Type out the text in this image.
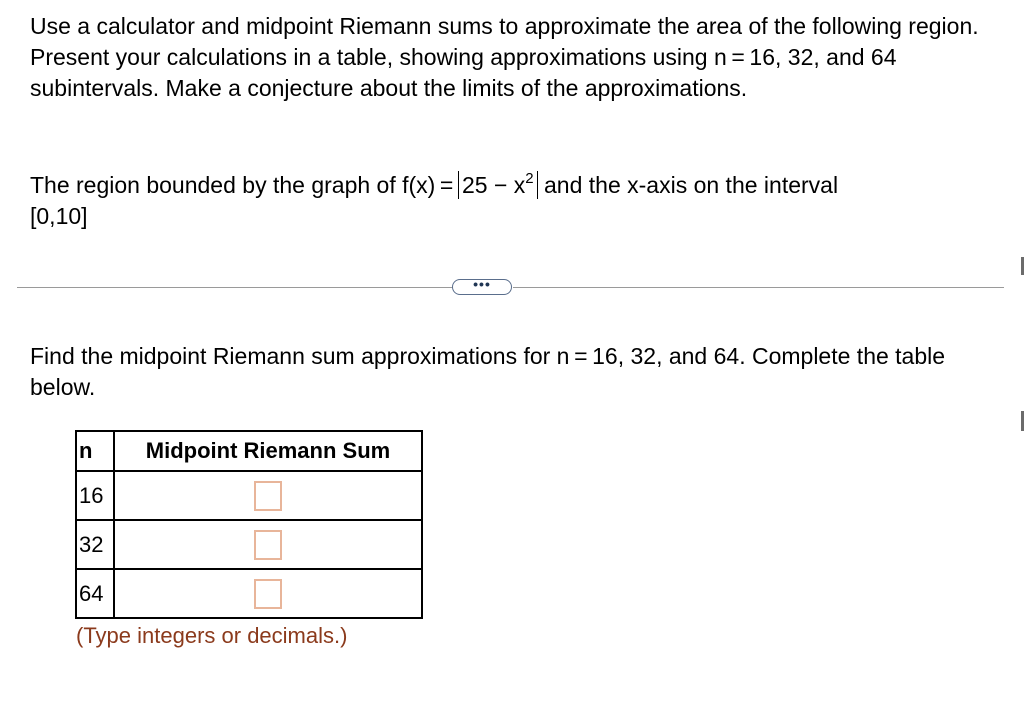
Use a calculator and midpoint Riemann sums to approximate the area of the following region. Present your calculations in a table, showing approximations using n = 16, 32, and 64 subintervals. Make a conjecture about the limits of the approximations.

The region bounded by the graph of $f(x) = 25 - x^2$ and the x-axis on the interval
[0,10]
•••

Find the midpoint Riemann sum approximations for n = 16, 32, and 64. Complete the table below.

n	Midpoint Riemann Sum
16	
32	
64	
(Type integers or decimals.)
